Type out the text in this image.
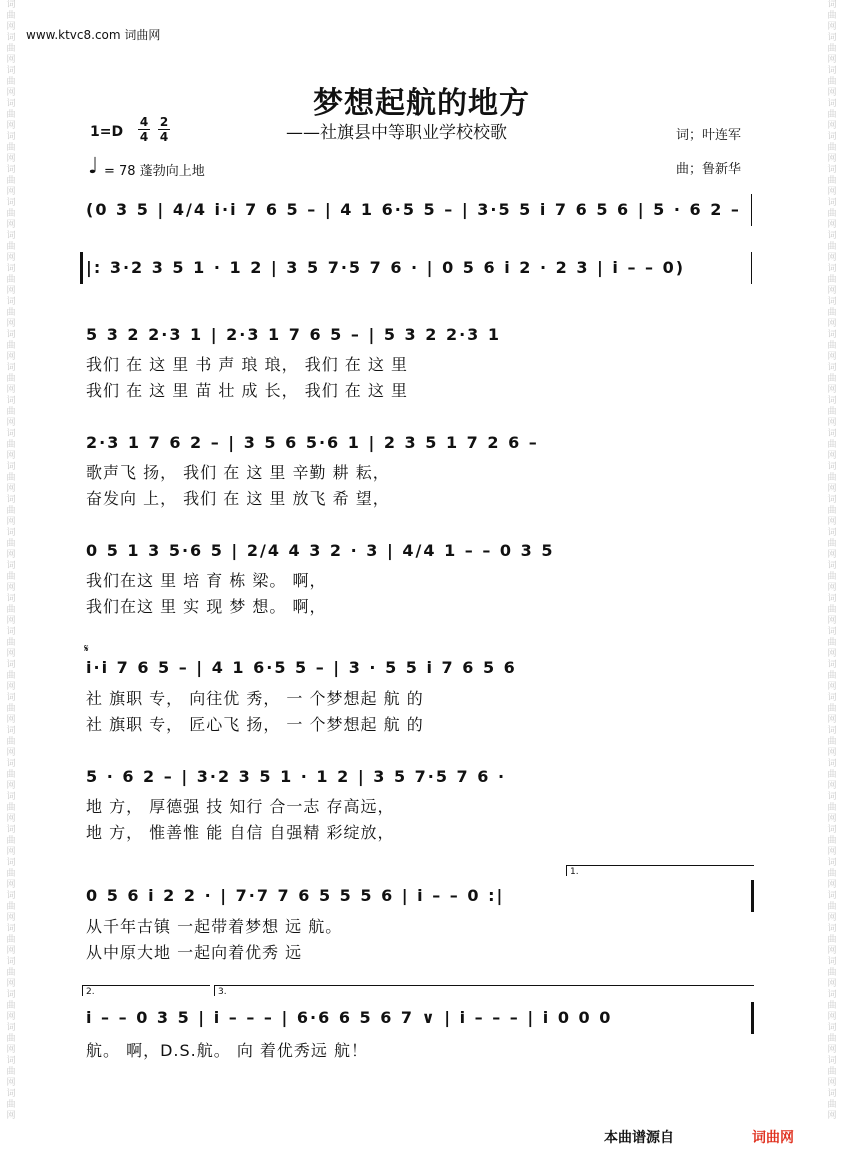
词曲网词曲网词曲网词曲网词曲网词曲网词曲网词曲网词曲网词曲网词曲网词曲网词曲网词曲网词曲网词曲网词曲网词曲网词曲网词曲网词曲网词曲网词曲网词曲网词曲网词曲网词曲网词曲网词曲网词曲网词曲网词曲网词曲网词曲网
词曲网词曲网词曲网词曲网词曲网词曲网词曲网词曲网词曲网词曲网词曲网词曲网词曲网词曲网词曲网词曲网词曲网词曲网词曲网词曲网词曲网词曲网词曲网词曲网词曲网词曲网词曲网词曲网词曲网词曲网词曲网词曲网词曲网词曲网
www.ktvc8.com 词曲网
梦想起航的地方
——社旗县中等职业学校校歌
1=D
4
4
2
4	词；叶连军
曲；鲁新华
♩ = 78 蓬勃向上地
(0 3 5 | 4/4 i·i 7 6 5 – | 4 1 6·5 5 – | 3·5 5 i 7 6 5 6 | 5 · 6 2 –
|: 3·2 3 5 1 · 1 2 | 3 5 7·5 7 6 · | 0 5 6 i 2 · 2 3 | i – – 0)
5 3 2 2·3 1 | 2·3 1 7 6 5 – | 5 3 2 2·3 1
我们 在 这 里 书 声 琅 琅， 我们 在 这 里
我们 在 这 里 苗 壮 成 长， 我们 在 这 里
2·3 1 7 6 2 – | 3 5 6 5·6 1 | 2 3 5 1 7 2 6 –
歌声飞 扬， 我们 在 这 里 辛勤 耕 耘，
奋发向 上， 我们 在 这 里 放飞 希 望，
0 5 1 3 5·6 5 | 2/4 4 3 2 · 3 | 4/4 1 – – 0 3 5
我们在这 里 培 育 栋 梁。 啊，
我们在这 里 实 现 梦 想。 啊，
𝄋
i·i 7 6 5 – | 4 1 6·5 5 – | 3 · 5 5 i 7 6 5 6
社 旗职 专， 向往优 秀， 一 个梦想起 航 的
社 旗职 专， 匠心飞 扬， 一 个梦想起 航 的
5 · 6 2 – | 3·2 3 5 1 · 1 2 | 3 5 7·5 7 6 ·
地 方， 厚德强 技 知行 合一志 存高远，
地 方， 惟善惟 能 自信 自强精 彩绽放，
1.
0 5 6 i 2 2 · | 7·7 7 6 5 5 5 6 | i – – 0 :|
从千年古镇 一起带着梦想 远 航。
从中原大地 一起向着优秀 远
2.	3.
i – – 0 3 5 | i – – – | 6·6 6 5 6 7 ∨ | i – – – | i 0 0 0
航。 啊，D.S.航。 向 着优秀远 航！
本曲谱源自	词曲网
